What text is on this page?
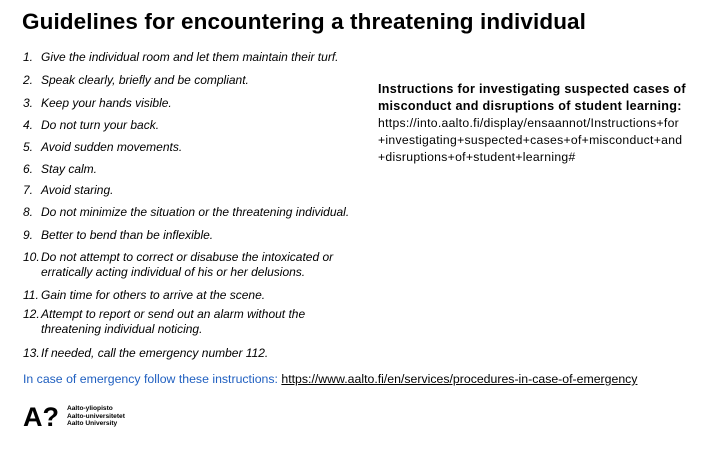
Guidelines for encountering a threatening individual
1. Give the individual room and let them maintain their turf.
2. Speak clearly, briefly and be compliant.
3. Keep your hands visible.
4. Do not turn your back.
5. Avoid sudden movements.
6. Stay calm.
7. Avoid staring.
8. Do not minimize the situation or the threatening individual.
9. Better to bend than be inflexible.
10.Do not attempt to correct or disabuse the intoxicated or
erratically acting individual of his or her delusions.
11. Gain time for others to arrive at the scene.
12.Attempt to report or send out an alarm without the
threatening individual noticing.
13.If needed, call the emergency number 112.
Instructions for investigating suspected cases of
misconduct and disruptions of student learning:
https://into.aalto.fi/display/ensaannot/Instructions+for
+investigating+suspected+cases+of+misconduct+and
+disruptions+of+student+learning#
In case of emergency follow these instructions: https://www.aalto.fi/en/services/procedures-in-case-of-emergency
A? Aalto-yliopisto
Aalto-universitetet
Aalto University
